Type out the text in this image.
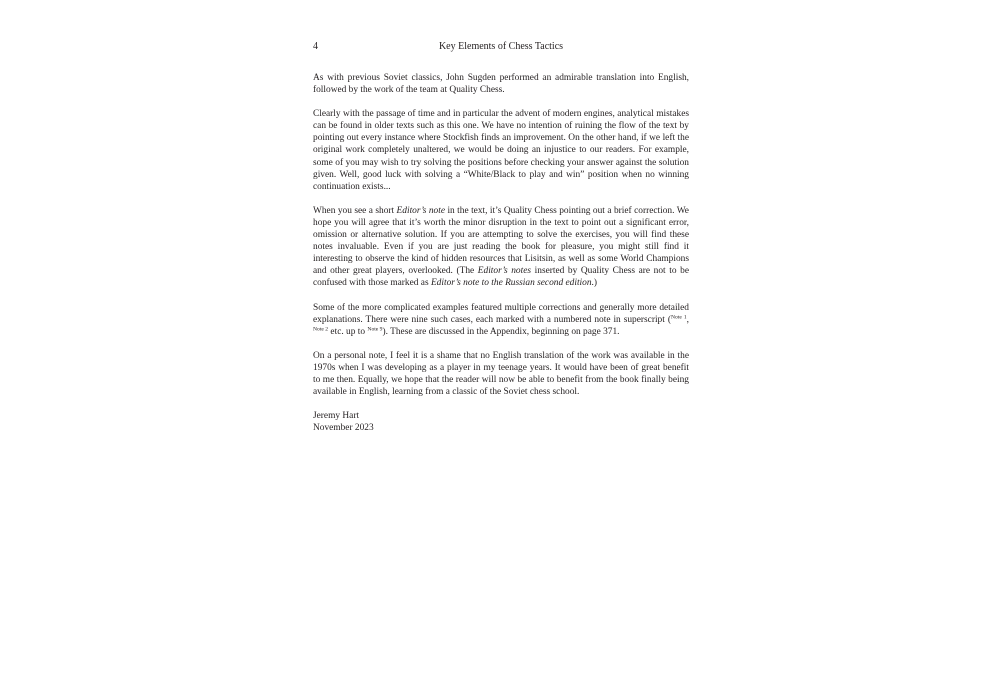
4	Key Elements of Chess Tactics

As with previous Soviet classics, John Sugden performed an admirable translation into English, followed by the work of the team at Quality Chess.

Clearly with the passage of time and in particular the advent of modern engines, analytical mistakes can be found in older texts such as this one. We have no intention of ruining the flow of the text by pointing out every instance where Stockfish finds an improvement. On the other hand, if we left the original work completely unaltered, we would be doing an injustice to our readers. For example, some of you may wish to try solving the positions before checking your answer against the solution given. Well, good luck with solving a “White/Black to play and win” position when no winning continuation exists...

When you see a short Editor’s note in the text, it’s Quality Chess pointing out a brief correction. We hope you will agree that it’s worth the minor disruption in the text to point out a significant error, omission or alternative solution. If you are attempting to solve the exercises, you will find these notes invaluable. Even if you are just reading the book for pleasure, you might still find it interesting to observe the kind of hidden resources that Lisitsin, as well as some World Champions and other great players, overlooked. (The Editor’s notes inserted by Quality Chess are not to be confused with those marked as Editor’s note to the Russian second edition.)

Some of the more complicated examples featured multiple corrections and generally more detailed explanations. There were nine such cases, each marked with a numbered note in superscript ($^{Note 1}$, $^{Note 2}$ etc. up to $^{Note 9}$). These are discussed in the Appendix, beginning on page 371.

On a personal note, I feel it is a shame that no English translation of the work was available in the 1970s when I was developing as a player in my teenage years. It would have been of great benefit to me then. Equally, we hope that the reader will now be able to benefit from the book finally being available in English, learning from a classic of the Soviet chess school.

Jeremy Hart

November 2023
